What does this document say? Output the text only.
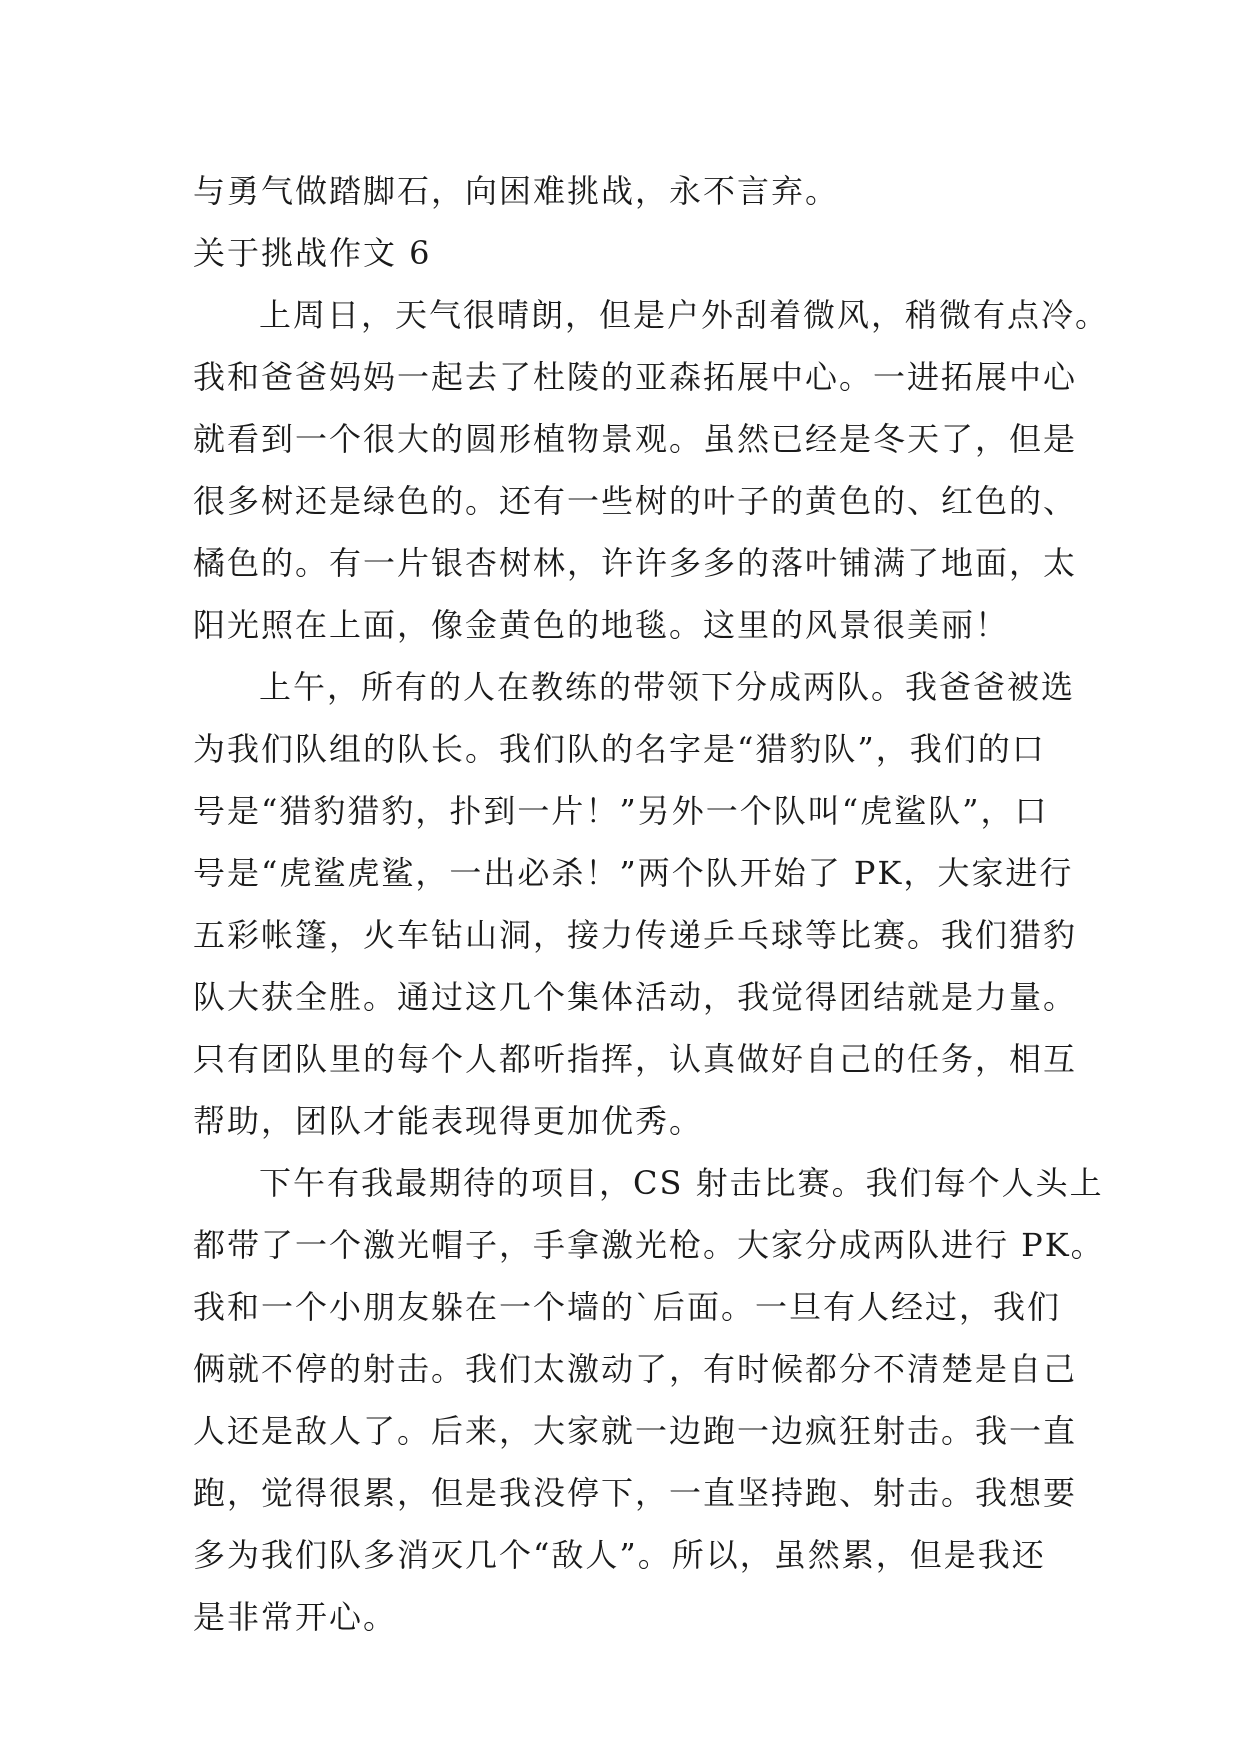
与勇气做踏脚石，向困难挑战，永不言弃。
关于挑战作文 6
上周日，天气很晴朗，但是户外刮着微风，稍微有点冷。
我和爸爸妈妈一起去了杜陵的亚森拓展中心。一进拓展中心
就看到一个很大的圆形植物景观。虽然已经是冬天了，但是
很多树还是绿色的。还有一些树的叶子的黄色的、红色的、
橘色的。有一片银杏树林，许许多多的落叶铺满了地面，太
阳光照在上面，像金黄色的地毯。这里的风景很美丽！
上午，所有的人在教练的带领下分成两队。我爸爸被选
为我们队组的队长。我们队的名字是“猎豹队”，我们的口
号是“猎豹猎豹，扑到一片！”另外一个队叫“虎鲨队”，口
号是“虎鲨虎鲨，一出必杀！”两个队开始了 PK，大家进行
五彩帐篷，火车钻山洞，接力传递乒乓球等比赛。我们猎豹
队大获全胜。通过这几个集体活动，我觉得团结就是力量。
只有团队里的每个人都听指挥，认真做好自己的任务，相互
帮助，团队才能表现得更加优秀。
下午有我最期待的项目，CS 射击比赛。我们每个人头上
都带了一个激光帽子，手拿激光枪。大家分成两队进行 PK。
我和一个小朋友躲在一个墙的`后面。一旦有人经过，我们
俩就不停的射击。我们太激动了，有时候都分不清楚是自己
人还是敌人了。后来，大家就一边跑一边疯狂射击。我一直
跑，觉得很累，但是我没停下，一直坚持跑、射击。我想要
多为我们队多消灭几个“敌人”。所以，虽然累，但是我还
是非常开心。
